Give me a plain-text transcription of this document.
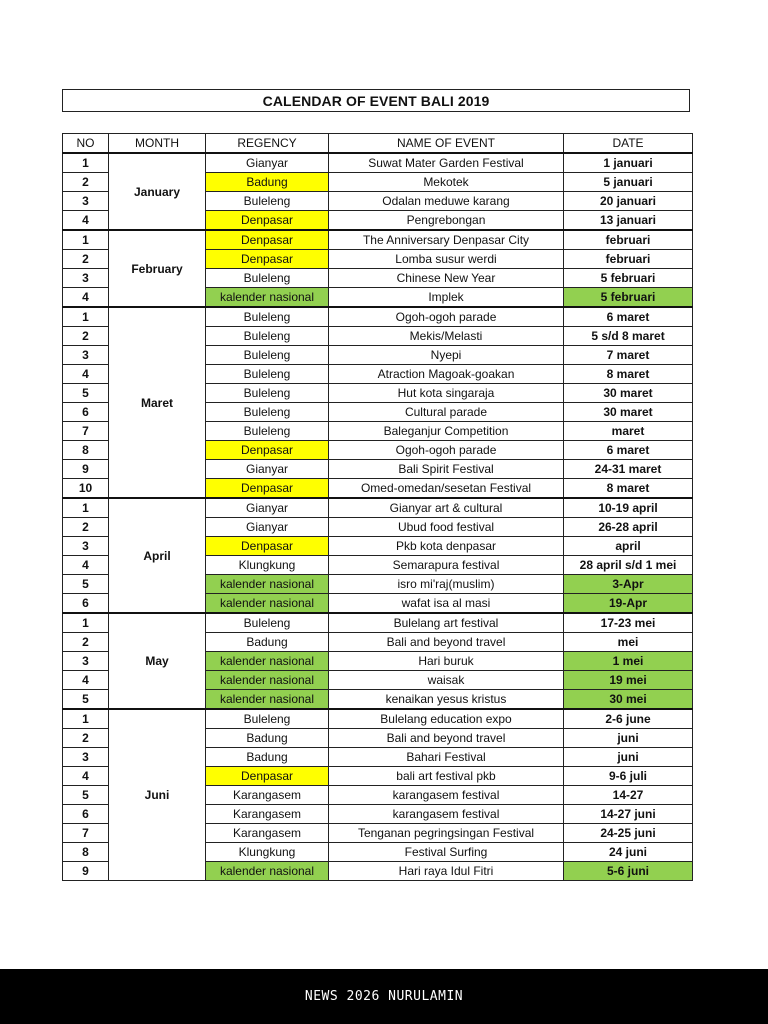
CALENDAR OF EVENT BALI 2019
NO	MONTH	REGENCY	NAME OF EVENT	DATE
1	January	Gianyar	Suwat Mater Garden Festival	1 januari
2		Badung	Mekotek	5 januari
3		Buleleng	Odalan meduwe karang	20 januari
4		Denpasar	Pengrebongan	13 januari
1	February	Denpasar	The Anniversary Denpasar City	februari
2		Denpasar	Lomba susur werdi	februari
3		Buleleng	Chinese New Year	5 februari
4		kalender nasional	Implek	5 februari
1	Maret	Buleleng	Ogoh-ogoh parade	6 maret
2		Buleleng	Mekis/Melasti	5 s/d 8 maret
3		Buleleng	Nyepi	7 maret
4		Buleleng	Atraction Magoak-goakan	8 maret
5		Buleleng	Hut kota singaraja	30 maret
6		Buleleng	Cultural parade	30 maret
7		Buleleng	Baleganjur Competition	maret
8		Denpasar	Ogoh-ogoh parade	6 maret
9		Gianyar	Bali Spirit Festival	24-31 maret
10		Denpasar	Omed-omedan/sesetan Festival	8 maret
1	April	Gianyar	Gianyar art & cultural	10-19 april
2		Gianyar	Ubud food festival	26-28 april
3		Denpasar	Pkb kota denpasar	april
4		Klungkung	Semarapura festival	28 april s/d 1 mei
5		kalender nasional	isro mi'raj(muslim)	3-Apr
6		kalender nasional	wafat isa al masi	19-Apr
1	May	Buleleng	Bulelang art festival	17-23 mei
2		Badung	Bali and beyond travel	mei
3		kalender nasional	Hari buruk	1 mei
4		kalender nasional	waisak	19 mei
5		kalender nasional	kenaikan yesus kristus	30 mei
1	Juni	Buleleng	Bulelang education expo	2-6 june
2		Badung	Bali and beyond travel	juni
3		Badung	Bahari Festival	juni
4		Denpasar	bali art festival pkb	9-6 juli
5		Karangasem	karangasem festival	14-27
6		Karangasem	karangasem festival	14-27 juni
7		Karangasem	Tenganan pegringsingan Festival	24-25 juni
8		Klungkung	Festival Surfing	24 juni
9		kalender nasional	Hari raya Idul Fitri	5-6 juni
NEWS 2026 NURULAMIN
